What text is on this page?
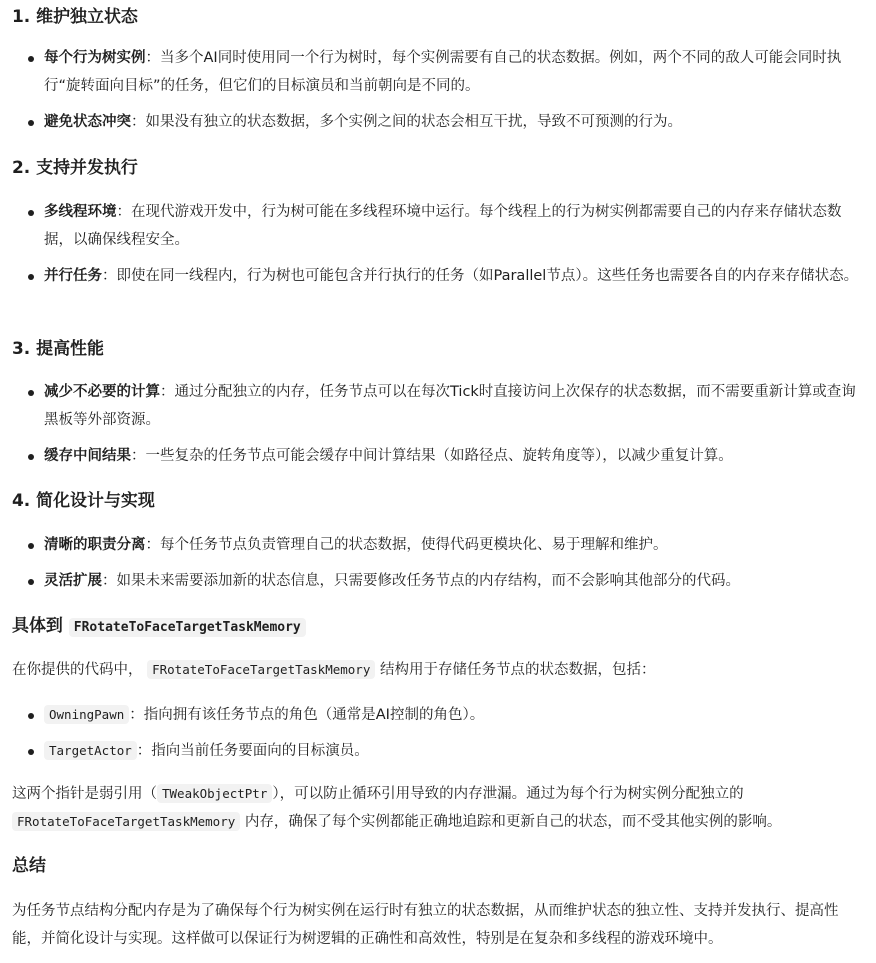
1. 维护独立状态
每个行为树实例：当多个AI同时使用同一个行为树时，每个实例需要有自己的状态数据。例如，两个不同的敌人可能会同时执行“旋转面向目标”的任务，但它们的目标演员和当前朝向是不同的。
避免状态冲突：如果没有独立的状态数据，多个实例之间的状态会相互干扰，导致不可预测的行为。
2. 支持并发执行
多线程环境：在现代游戏开发中，行为树可能在多线程环境中运行。每个线程上的行为树实例都需要自己的内存来存储状态数据，以确保线程安全。
并行任务：即使在同一线程内，行为树也可能包含并行执行的任务（如Parallel节点）。这些任务也需要各自的内存来存储状态。
3. 提高性能
减少不必要的计算：通过分配独立的内存，任务节点可以在每次Tick时直接访问上次保存的状态数据，而不需要重新计算或查询黑板等外部资源。
缓存中间结果：一些复杂的任务节点可能会缓存中间计算结果（如路径点、旋转角度等），以减少重复计算。
4. 简化设计与实现
清晰的职责分离：每个任务节点负责管理自己的状态数据，使得代码更模块化、易于理解和维护。
灵活扩展：如果未来需要添加新的状态信息，只需要修改任务节点的内存结构，而不会影响其他部分的代码。
具体到 FRotateToFaceTargetTaskMemory

在你提供的代码中， FRotateToFaceTargetTaskMemory 结构用于存储任务节点的状态数据，包括：

OwningPawn ：指向拥有该任务节点的角色（通常是AI控制的角色）。
TargetActor ：指向当前任务要面向的目标演员。

这两个指针是弱引用（ TWeakObjectPtr ），可以防止循环引用导致的内存泄漏。通过为每个行为树实例分配独立的 FRotateToFaceTargetTaskMemory 内存，确保了每个实例都能正确地追踪和更新自己的状态，而不受其他实例的影响。

总结

为任务节点结构分配内存是为了确保每个行为树实例在运行时有独立的状态数据，从而维护状态的独立性、支持并发执行、提高性能，并简化设计与实现。这样做可以保证行为树逻辑的正确性和高效性，特别是在复杂和多线程的游戏环境中。
